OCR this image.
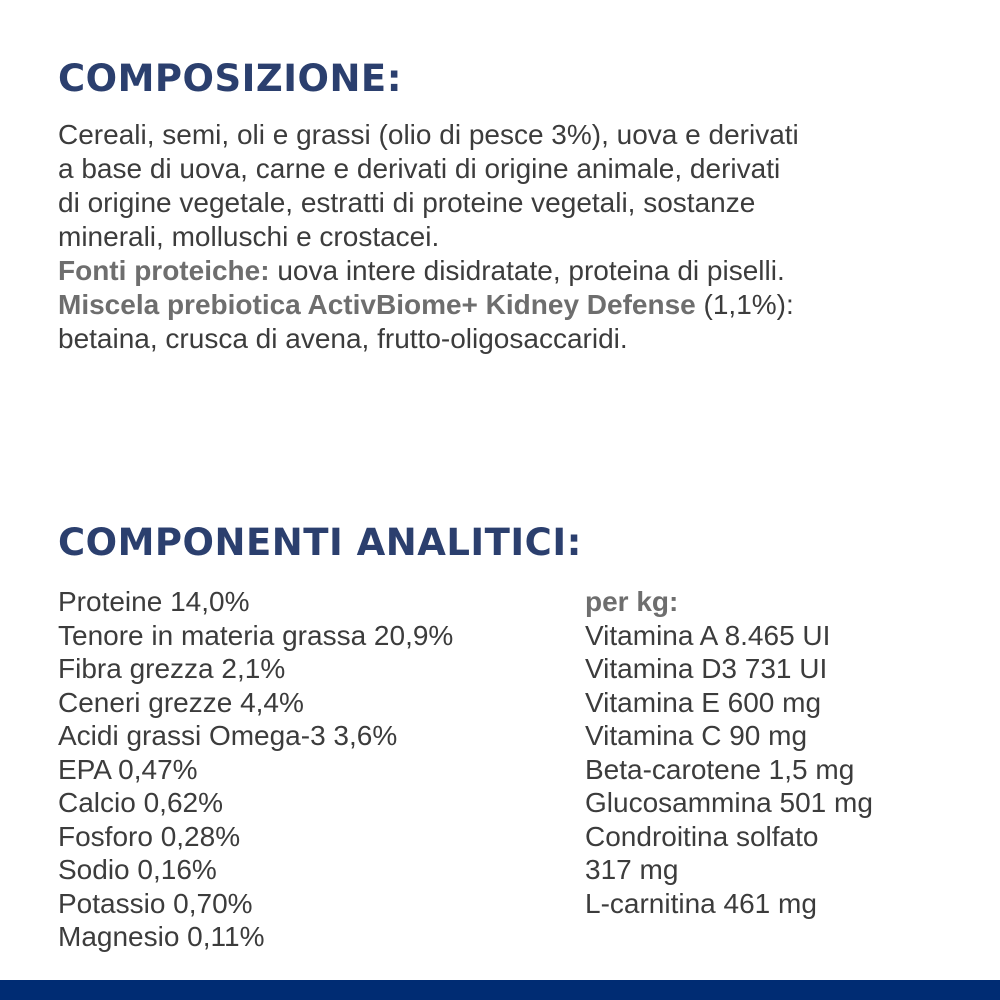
COMPOSIZIONE:

Cereali, semi, oli e grassi (olio di pesce 3%), uova e derivati
a base di uova, carne e derivati di origine animale, derivati
di origine vegetale, estratti di proteine vegetali, sostanze
minerali, molluschi e crostacei.

Fonti proteiche: uova intere disidratate, proteina di piselli.

Miscela prebiotica ActivBiome+ Kidney Defense (1,1%):
betaina, crusca di avena, frutto-oligosaccaridi.

COMPONENTI ANALITICI:
Proteine 14,0%
Tenore in materia grassa 20,9%
Fibra grezza 2,1%
Ceneri grezze 4,4%
Acidi grassi Omega-3 3,6%
EPA 0,47%
Calcio 0,62%
Fosforo 0,28%
Sodio 0,16%
Potassio 0,70%
Magnesio 0,11%
per kg:
Vitamina A 8.465 UI
Vitamina D3 731 UI
Vitamina E 600 mg
Vitamina C 90 mg
Beta-carotene 1,5 mg
Glucosammina 501 mg
Condroitina solfato
317 mg
L-carnitina 461 mg
